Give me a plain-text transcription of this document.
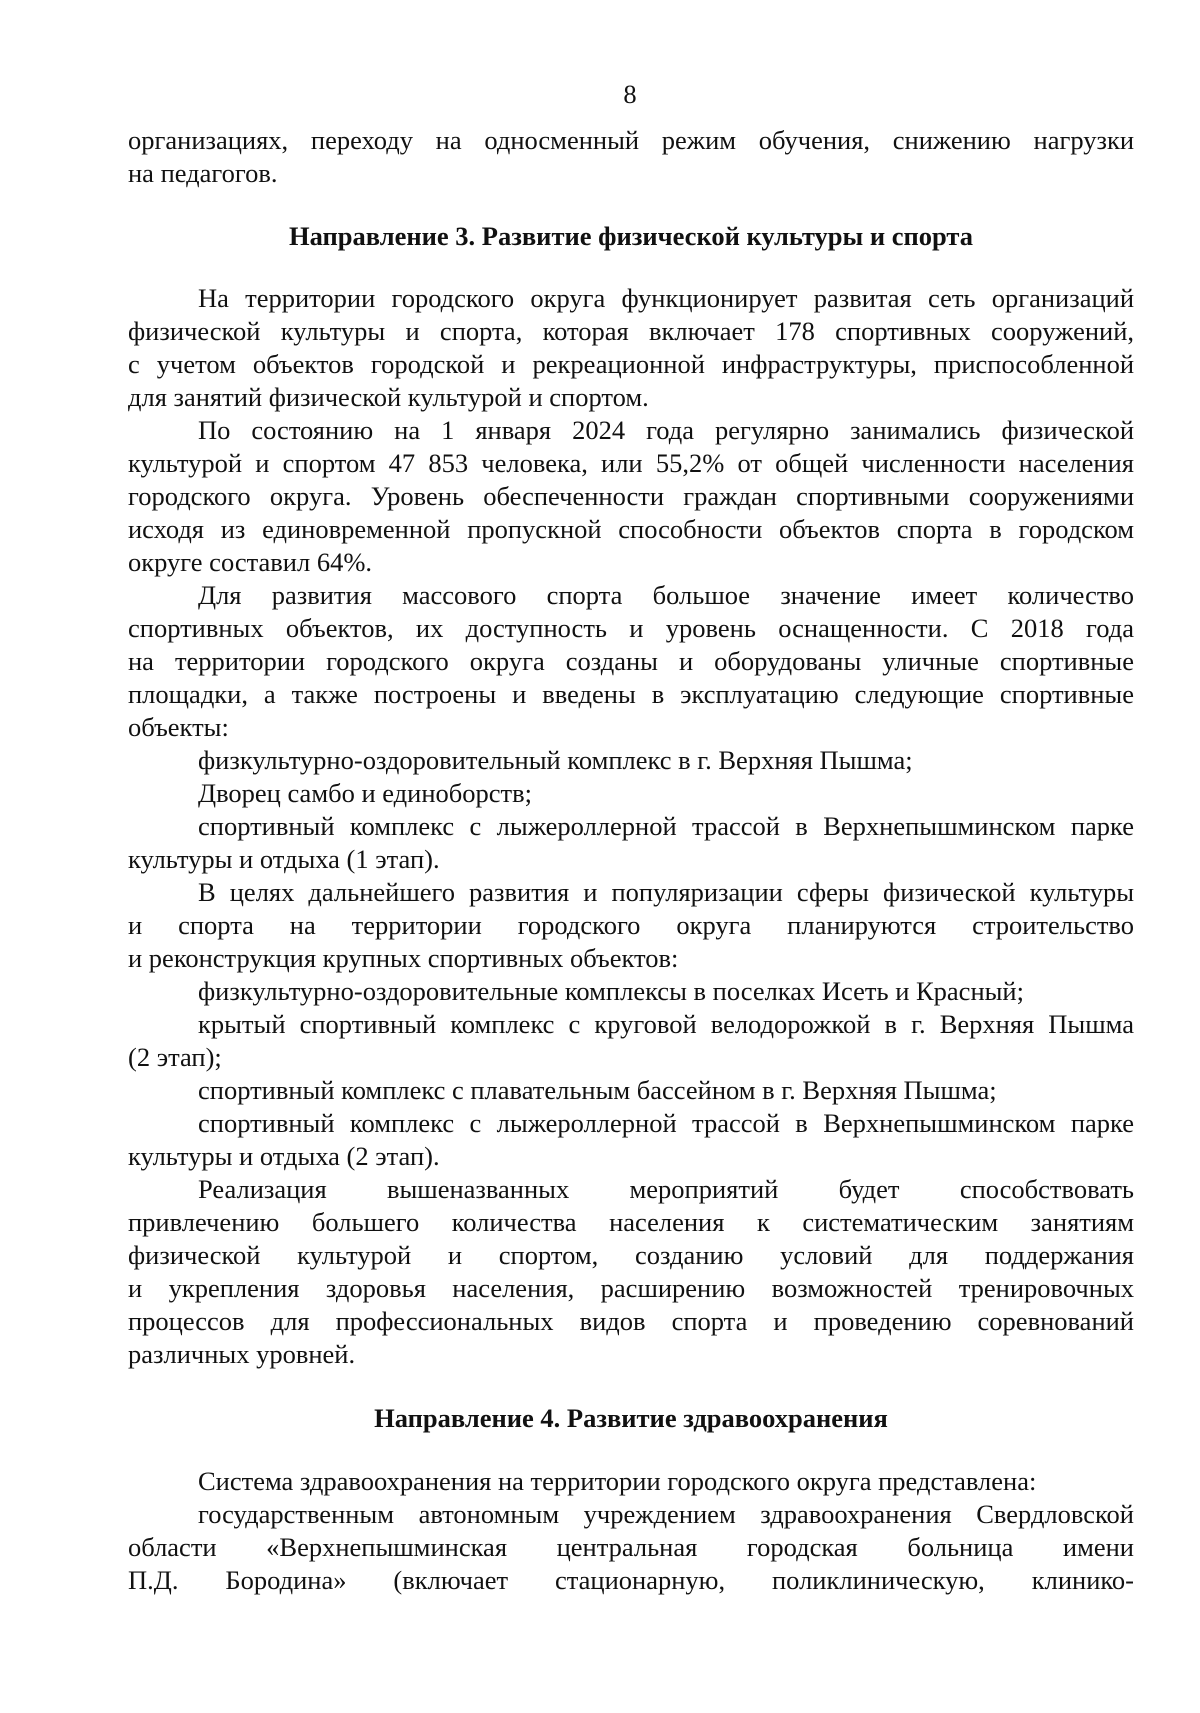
8
организациях, переходу на односменный режим обучения, снижению нагрузки
на педагогов.
Направление 3. Развитие физической культуры и спорта
На территории городского округа функционирует развитая сеть организаций
физической культуры и спорта, которая включает 178 спортивных сооружений,
с учетом объектов городской и рекреационной инфраструктуры, приспособленной
для занятий физической культурой и спортом.
По состоянию на 1 января 2024 года регулярно занимались физической
культурой и спортом 47 853 человека, или 55,2% от общей численности населения
городского округа. Уровень обеспеченности граждан спортивными сооружениями
исходя из единовременной пропускной способности объектов спорта в городском
округе составил 64%.
Для развития массового спорта большое значение имеет количество
спортивных объектов, их доступность и уровень оснащенности. С 2018 года
на территории городского округа созданы и оборудованы уличные спортивные
площадки, а также построены и введены в эксплуатацию следующие спортивные
объекты:
физкультурно-оздоровительный комплекс в г. Верхняя Пышма;
Дворец самбо и единоборств;
спортивный комплекс с лыжероллерной трассой в Верхнепышминском парке
культуры и отдыха (1 этап).
В целях дальнейшего развития и популяризации сферы физической культуры
и спорта на территории городского округа планируются строительство
и реконструкция крупных спортивных объектов:
физкультурно-оздоровительные комплексы в поселках Исеть и Красный;
крытый спортивный комплекс с круговой велодорожкой в г. Верхняя Пышма
(2 этап);
спортивный комплекс с плавательным бассейном в г. Верхняя Пышма;
спортивный комплекс с лыжероллерной трассой в Верхнепышминском парке
культуры и отдыха (2 этап).
Реализация вышеназванных мероприятий будет способствовать
привлечению большего количества населения к систематическим занятиям
физической культурой и спортом, созданию условий для поддержания
и укрепления здоровья населения, расширению возможностей тренировочных
процессов для профессиональных видов спорта и проведению соревнований
различных уровней.
Направление 4. Развитие здравоохранения
Система здравоохранения на территории городского округа представлена:
государственным автономным учреждением здравоохранения Свердловской
области «Верхнепышминская центральная городская больница имени
П.Д. Бородина» (включает стационарную, поликлиническую, клинико-
